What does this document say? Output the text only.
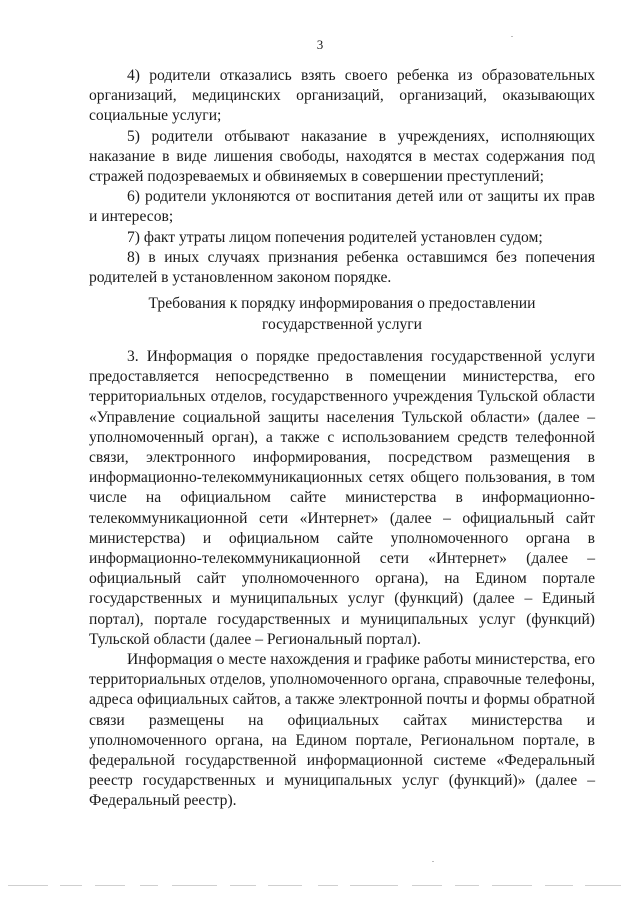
3

4) родители отказались взять своего ребенка из образовательных организаций, медицинских организаций, организаций, оказывающих социальные услуги;

5) родители отбывают наказание в учреждениях, исполняющих наказание в виде лишения свободы, находятся в местах содержания под стражей подозреваемых и обвиняемых в совершении преступлений;

6) родители уклоняются от воспитания детей или от защиты их прав и интересов;

7) факт утраты лицом попечения родителей установлен судом;

8) в иных случаях признания ребенка оставшимся без попечения родителей в установленном законом порядке.

Требования к порядку информирования о предоставлении
государственной услуги

3. Информация о порядке предоставления государственной услуги предоставляется непосредственно в помещении министерства, его территориальных отделов, государственного учреждения Тульской области «Управление социальной защиты населения Тульской области» (далее – уполномоченный орган), а также с использованием средств телефонной связи, электронного информирования, посредством размещения в информационно-телекоммуникационных сетях общего пользования, в том числе на официальном сайте министерства в информационно-телекоммуникационной сети «Интернет» (далее – официальный сайт министерства) и официальном сайте уполномоченного органа в информационно-телекоммуникационной сети «Интернет» (далее – официальный сайт уполномоченного органа), на Едином портале государственных и муниципальных услуг (функций) (далее – Единый портал), портале государственных и муниципальных услуг (функций) Тульской области (далее – Региональный портал).

Информация о месте нахождения и графике работы министерства, его территориальных отделов, уполномоченного органа, справочные телефоны, адреса официальных сайтов, а также электронной почты и формы обратной связи размещены на официальных сайтах министерства и уполномоченного органа, на Едином портале, Региональном портале, в федеральной государственной информационной системе «Федеральный реестр государственных и муниципальных услуг (функций)» (далее – Федеральный реестр).
